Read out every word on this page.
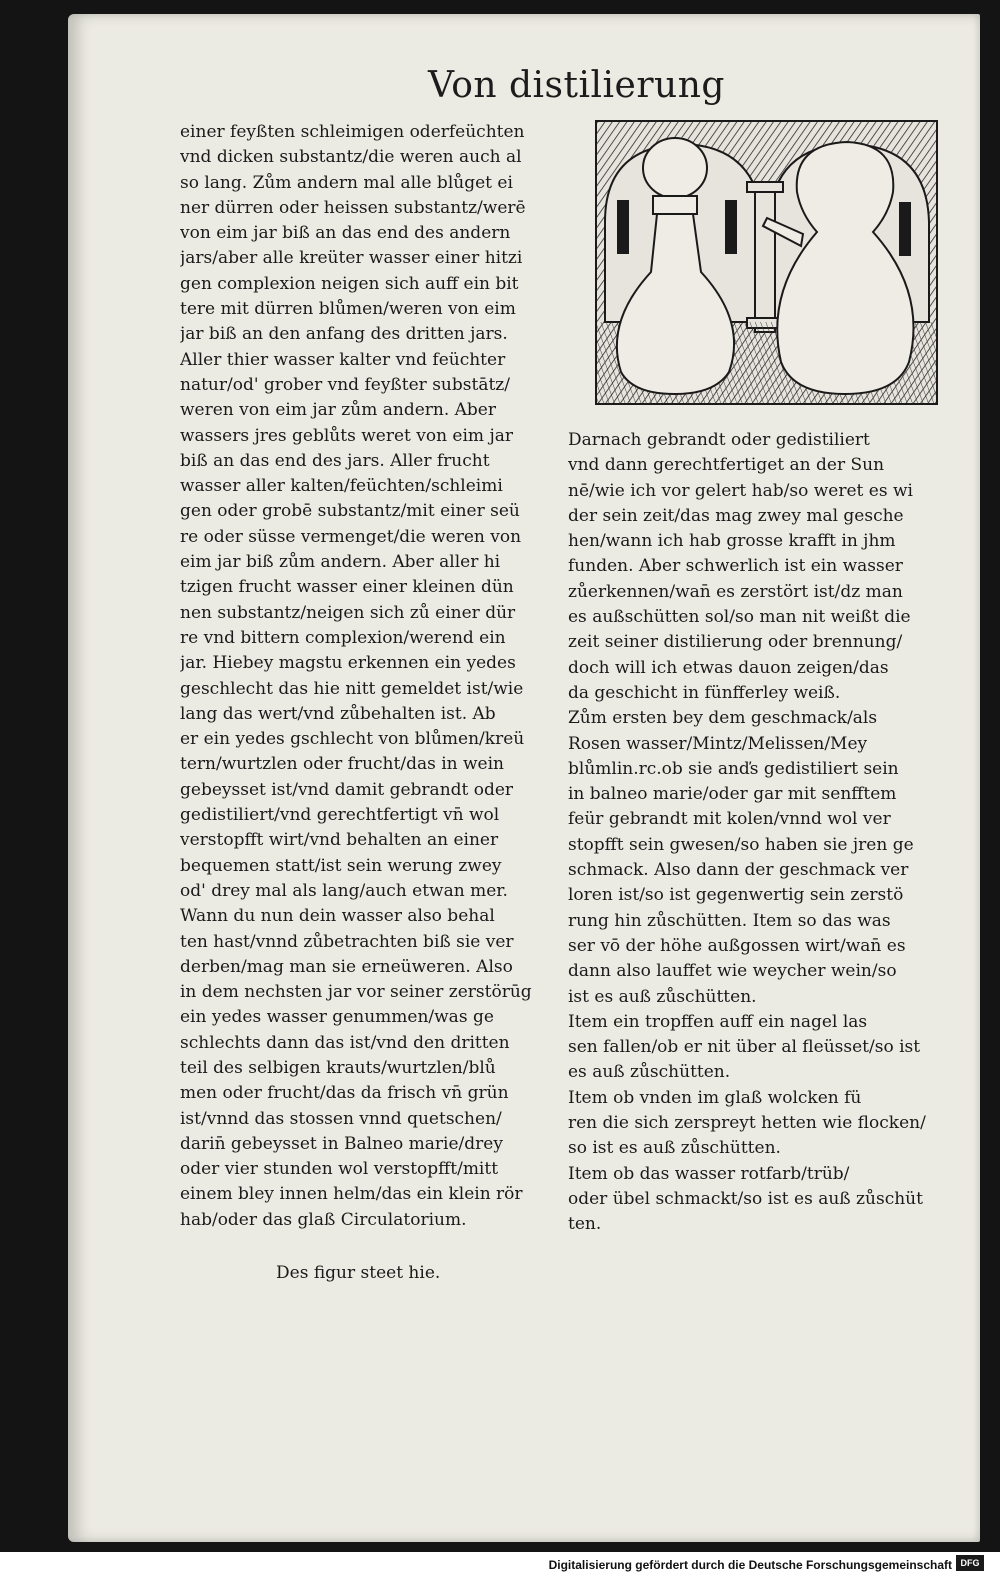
Von distilierung
einer feyßten schleimigen oderfeüchten
vnd dicken substantz/die weren auch al
so lang. Zům andern mal alle blůget ei
ner dürren oder heissen substantz/werē
von eim jar biß an das end des andern
jars/aber alle kreüter wasser einer hitzi
gen complexion neigen sich auff ein bit
tere mit dürren blůmen/weren von eim
jar biß an den anfang des dritten jars.
Aller thier wasser kalter vnd feüchter
natur/od' grober vnd feyßter substātz/
weren von eim jar zům andern. Aber
wassers jres geblůts weret von eim jar
biß an das end des jars. Aller frucht
wasser aller kalten/feüchten/schleimi
gen oder grobē substantz/mit einer seü
re oder süsse vermenget/die weren von
eim jar biß zům andern. Aber aller hi
tzigen frucht wasser einer kleinen dün
nen substantz/neigen sich zů einer dür
re vnd bittern complexion/werend ein
jar. Hiebey magstu erkennen ein yedes
geschlecht das hie nitt gemeldet ist/wie
lang das wert/vnd zůbehalten ist. Ab
er ein yedes gschlecht von blůmen/kreü
tern/wurtzlen oder frucht/das in wein
gebeysset ist/vnd damit gebrandt oder
gedistiliert/vnd gerechtfertigt vn̄ wol
verstopfft wirt/vnd behalten an einer
bequemen statt/ist sein werung zwey
od' drey mal als lang/auch etwan mer.
Wann du nun dein wasser also behal
ten hast/vnnd zůbetrachten biß sie ver
derben/mag man sie erneüweren. Also
in dem nechsten jar vor seiner zerstörūg
ein yedes wasser genummen/was ge
schlechts dann das ist/vnd den dritten
teil des selbigen krauts/wurtzlen/blů
men oder frucht/das da frisch vn̄ grün
ist/vnnd das stossen vnnd quetschen/
darin̄ gebeysset in Balneo marie/drey
oder vier stunden wol verstopfft/mitt
einem bley innen helm/das ein klein rör
hab/oder das glaß Circulatorium.
Des figur steet hie.
Darnach gebrandt oder gedistiliert
vnd dann gerechtfertiget an der Sun
nē/wie ich vor gelert hab/so weret es wi
der sein zeit/das mag zwey mal gesche
hen/wann ich hab grosse krafft in jhm
funden. Aber schwerlich ist ein wasser
zůerkennen/wan̄ es zerstört ist/dz man
es außschütten sol/so man nit weißt die
zeit seiner distilierung oder brennung/
doch will ich etwas dauon zeigen/das
da geschicht in fünfferley weiß.
Zům ersten bey dem geschmack/als
Rosen wasser/Mintz/Melissen/Mey
blůmlin.rc.ob sie anďs gedistiliert sein
in balneo marie/oder gar mit senfftem
feür gebrandt mit kolen/vnnd wol ver
stopfft sein gwesen/so haben sie jren ge
schmack. Also dann der geschmack ver
loren ist/so ist gegenwertig sein zerstö
rung hin zůschütten. Item so das was
ser vō der höhe außgossen wirt/wan̄ es
dann also lauffet wie weycher wein/so
ist es auß zůschütten.
Item ein tropffen auff ein nagel las
sen fallen/ob er nit über al fleüsset/so ist
es auß zůschütten.
Item ob vnden im glaß wolcken fü
ren die sich zerspreyt hetten wie flocken/
so ist es auß zůschütten.
Item ob das wasser rotfarb/trüb/
oder übel schmackt/so ist es auß zůschüt
ten.
Digitalisierung gefördert durch die Deutsche Forschungsgemeinschaft DFG
